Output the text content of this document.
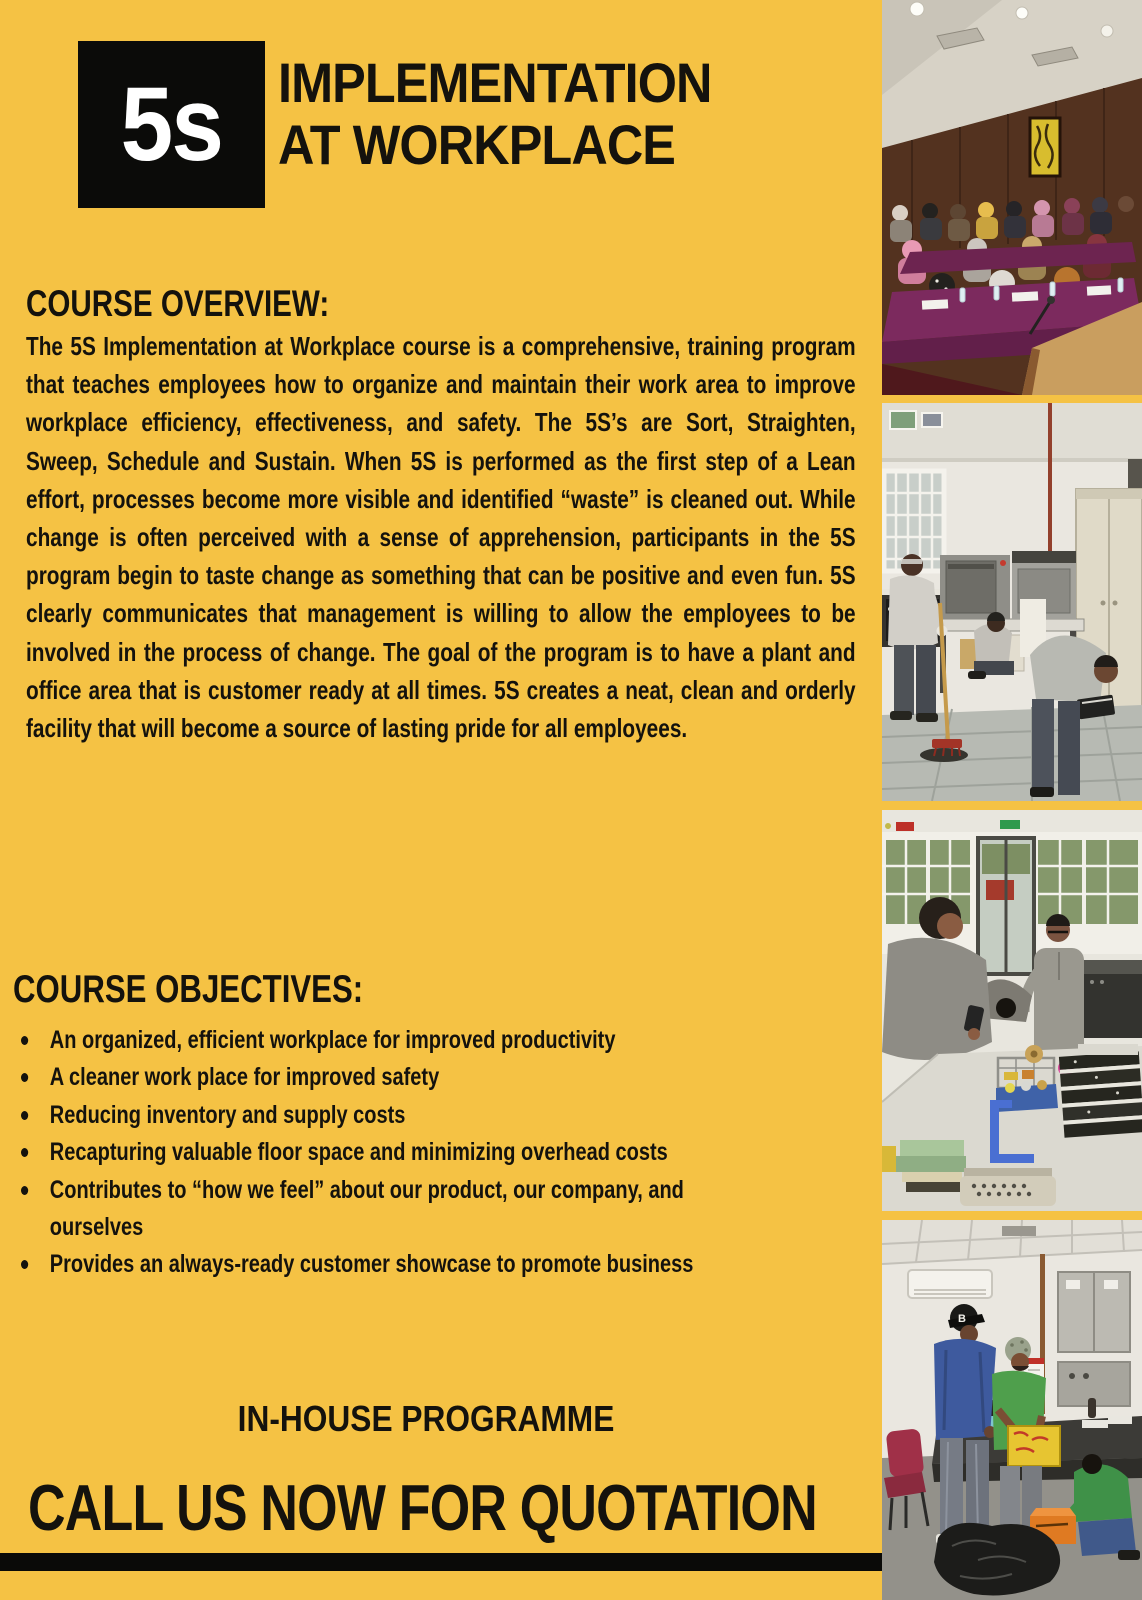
5s IMPLEMENTATION
AT WORKPLACE
COURSE OVERVIEW:
The 5S Implementation at Workplace course is a comprehensive, training program that teaches employees how to organize and maintain their work area to improve workplace efficiency, effectiveness, and safety. The 5S’s are Sort, Straighten, Sweep, Schedule and Sustain. When 5S is performed as the first step of a Lean effort, processes become more visible and identified “waste” is cleaned out. While change is often perceived with a sense of apprehension, participants in the 5S program begin to taste change as something that can be positive and even fun. 5S clearly communicates that management is willing to allow the employees to be involved in the process of change. The goal of the program is to have a plant and office area that is customer ready at all times. 5S creates a neat, clean and orderly facility that will become a source of lasting pride for all employees.
COURSE OBJECTIVES:
An organized, efficient workplace for improved productivity
A cleaner work place for improved safety
Reducing inventory and supply costs
Recapturing valuable floor space and minimizing overhead costs
Contributes to “how we feel” about our product, our company, and ourselves
Provides an always-ready customer showcase to promote business
IN-HOUSE PROGRAMME
CALL US NOW FOR QUOTATION
B
